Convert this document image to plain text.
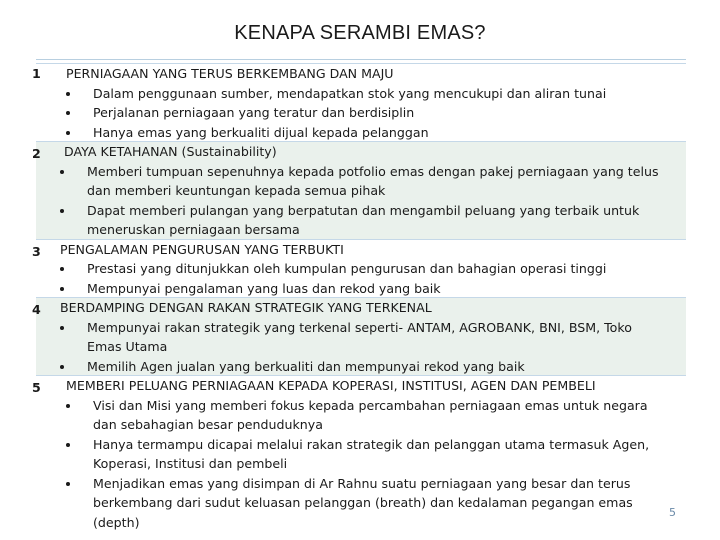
KENAPA SERAMBI EMAS?
1 PERNIAGAAN YANG TERUS BERKEMBANG DAN MAJU
Dalam penggunaan sumber, mendapatkan stok yang mencukupi dan aliran tunai
Perjalanan perniagaan yang teratur dan berdisiplin
Hanya emas yang berkualiti dijual kepada pelanggan
2 DAYA KETAHANAN (Sustainability)
Memberi tumpuan sepenuhnya kepada potfolio emas dengan pakej perniagaan yang telus
dan memberi keuntungan kepada semua pihak
Dapat memberi pulangan yang berpatutan dan mengambil peluang yang terbaik untuk
meneruskan perniagaan bersama
3 PENGALAMAN PENGURUSAN YANG TERBUKTI
Prestasi yang ditunjukkan oleh kumpulan pengurusan dan bahagian operasi tinggi
Mempunyai pengalaman yang luas dan rekod yang baik
4 BERDAMPING DENGAN RAKAN STRATEGIK YANG TERKENAL
Mempunyai rakan strategik yang terkenal seperti- ANTAM, AGROBANK, BNI, BSM, Toko
Emas Utama
Memilih Agen jualan yang berkualiti dan mempunyai rekod yang baik
5 MEMBERI PELUANG PERNIAGAAN KEPADA KOPERASI, INSTITUSI, AGEN DAN PEMBELI
Visi dan Misi yang memberi fokus kepada percambahan perniagaan emas untuk negara
dan sebahagian besar penduduknya
Hanya termampu dicapai melalui rakan strategik dan pelanggan utama termasuk Agen,
Koperasi, Institusi dan pembeli
Menjadikan emas yang disimpan di Ar Rahnu suatu perniagaan yang besar dan terus
berkembang dari sudut keluasan pelanggan (breath) dan kedalaman pegangan emas
(depth)
5
